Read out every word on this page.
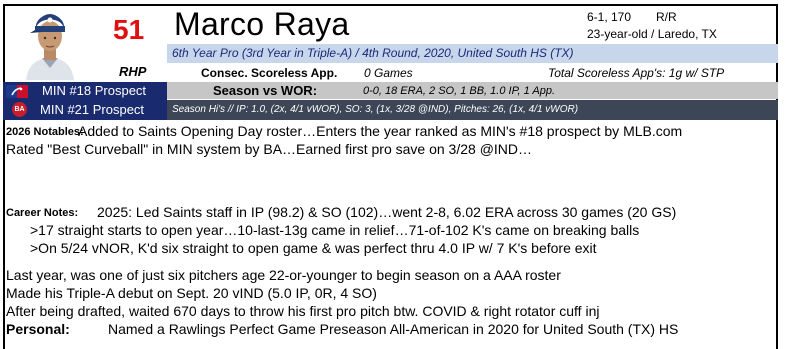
51 Marco Raya	6-1, 170 R/R
23-year-old / Laredo, TX
6th Year Pro (3rd Year in Triple-A) / 4th Round, 2020, United South HS (TX)
RHP	Consec. Scoreless App. 0 Games	Total Scoreless App's: 1g w/ STP
MIN #18 Prospect
BA MIN #21 Prospect
Season vs WOR:	0-0, 18 ERA, 2 SO, 1 BB, 1.0 IP, 1 App.
Season Hi's // IP: 1.0, (2x, 4/1 vWOR), SO: 3, (1x, 3/28 @IND), Pitches: 26, (1x, 4/1 vWOR)
2026 Notables:
Added to Saints Opening Day roster…Enters the year ranked as MIN's #18 prospect by MLB.com
Rated "Best Curveball" in MIN system by BA…Earned first pro save on 3/28 @IND…
Career Notes: 2025: Led Saints staff in IP (98.2) & SO (102)…went 2-8, 6.02 ERA across 30 games (20 GS)
>17 straight starts to open year…10-last-13g came in relief…71-of-102 K's came on breaking balls
>On 5/24 vNOR, K'd six straight to open game & was perfect thru 4.0 IP w/ 7 K's before exit
Last year, was one of just six pitchers age 22-or-younger to begin season on a AAA roster
Made his Triple-A debut on Sept. 20 vIND (5.0 IP, 0R, 4 SO)
After being drafted, waited 670 days to throw his first pro pitch btw. COVID & right rotator cuff inj
Personal:	Named a Rawlings Perfect Game Preseason All-American in 2020 for United South (TX) HS
